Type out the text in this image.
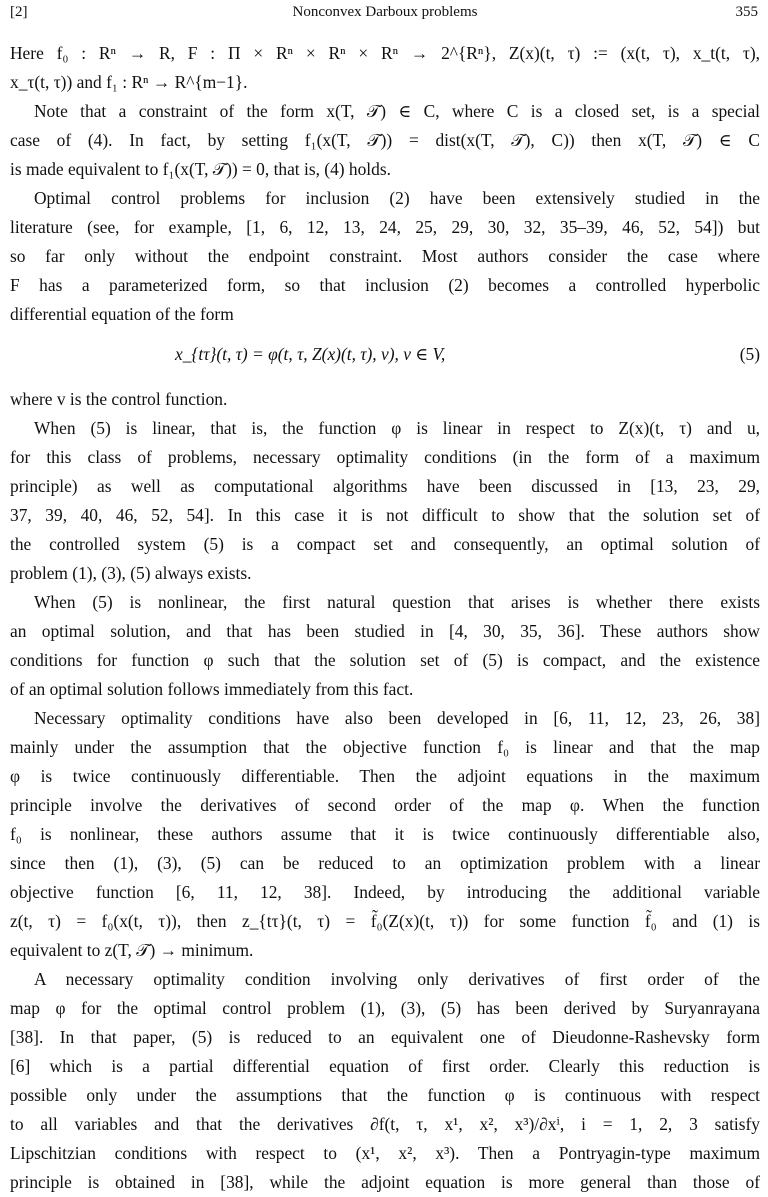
Nonconvex Darboux problems
[2]	355
Here f₀ : Rⁿ → R, F : Π × Rⁿ × Rⁿ × Rⁿ → 2^{Rⁿ}, Z(x)(t, τ) := (x(t, τ), x_t(t, τ),
x_τ(t, τ)) and f₁ : Rⁿ → R^{m−1}.
Note that a constraint of the form x(T, 𝒯) ∈ C, where C is a closed set, is a special
case of (4). In fact, by setting f₁(x(T, 𝒯)) = dist(x(T, 𝒯), C)) then x(T, 𝒯) ∈ C
is made equivalent to f₁(x(T, 𝒯)) = 0, that is, (4) holds.
Optimal control problems for inclusion (2) have been extensively studied in the
literature (see, for example, [1, 6, 12, 13, 24, 25, 29, 30, 32, 35–39, 46, 52, 54]) but
so far only without the endpoint constraint. Most authors consider the case where
F has a parameterized form, so that inclusion (2) becomes a controlled hyperbolic
differential equation of the form
x_{tτ}(t, τ) = φ(t, τ, Z(x)(t, τ), v), v ∈ V,	(5)
where v is the control function.
When (5) is linear, that is, the function φ is linear in respect to Z(x)(t, τ) and u,
for this class of problems, necessary optimality conditions (in the form of a maximum
principle) as well as computational algorithms have been discussed in [13, 23, 29,
37, 39, 40, 46, 52, 54]. In this case it is not difficult to show that the solution set of
the controlled system (5) is a compact set and consequently, an optimal solution of
problem (1), (3), (5) always exists.
When (5) is nonlinear, the first natural question that arises is whether there exists
an optimal solution, and that has been studied in [4, 30, 35, 36]. These authors show
conditions for function φ such that the solution set of (5) is compact, and the existence
of an optimal solution follows immediately from this fact.
Necessary optimality conditions have also been developed in [6, 11, 12, 23, 26, 38]
mainly under the assumption that the objective function f₀ is linear and that the map
φ is twice continuously differentiable. Then the adjoint equations in the maximum
principle involve the derivatives of second order of the map φ. When the function
f₀ is nonlinear, these authors assume that it is twice continuously differentiable also,
since then (1), (3), (5) can be reduced to an optimization problem with a linear
objective function [6, 11, 12, 38]. Indeed, by introducing the additional variable
z(t, τ) = f₀(x(t, τ)), then z_{tτ}(t, τ) = f̃₀(Z(x)(t, τ)) for some function f̃₀ and (1) is
equivalent to z(T, 𝒯) → minimum.
A necessary optimality condition involving only derivatives of first order of the
map φ for the optimal control problem (1), (3), (5) has been derived by Suryanrayana
[38]. In that paper, (5) is reduced to an equivalent one of Dieudonne-Rashevsky form
[6] which is a partial differential equation of first order. Clearly this reduction is
possible only under the assumptions that the function φ is continuous with respect
to all variables and that the derivatives ∂f(t, τ, x¹, x², x³)/∂xⁱ, i = 1, 2, 3 satisfy
Lipschitzian conditions with respect to (x¹, x², x³). Then a Pontryagin-type maximum
principle is obtained in [38], while the adjoint equation is more general than those of
